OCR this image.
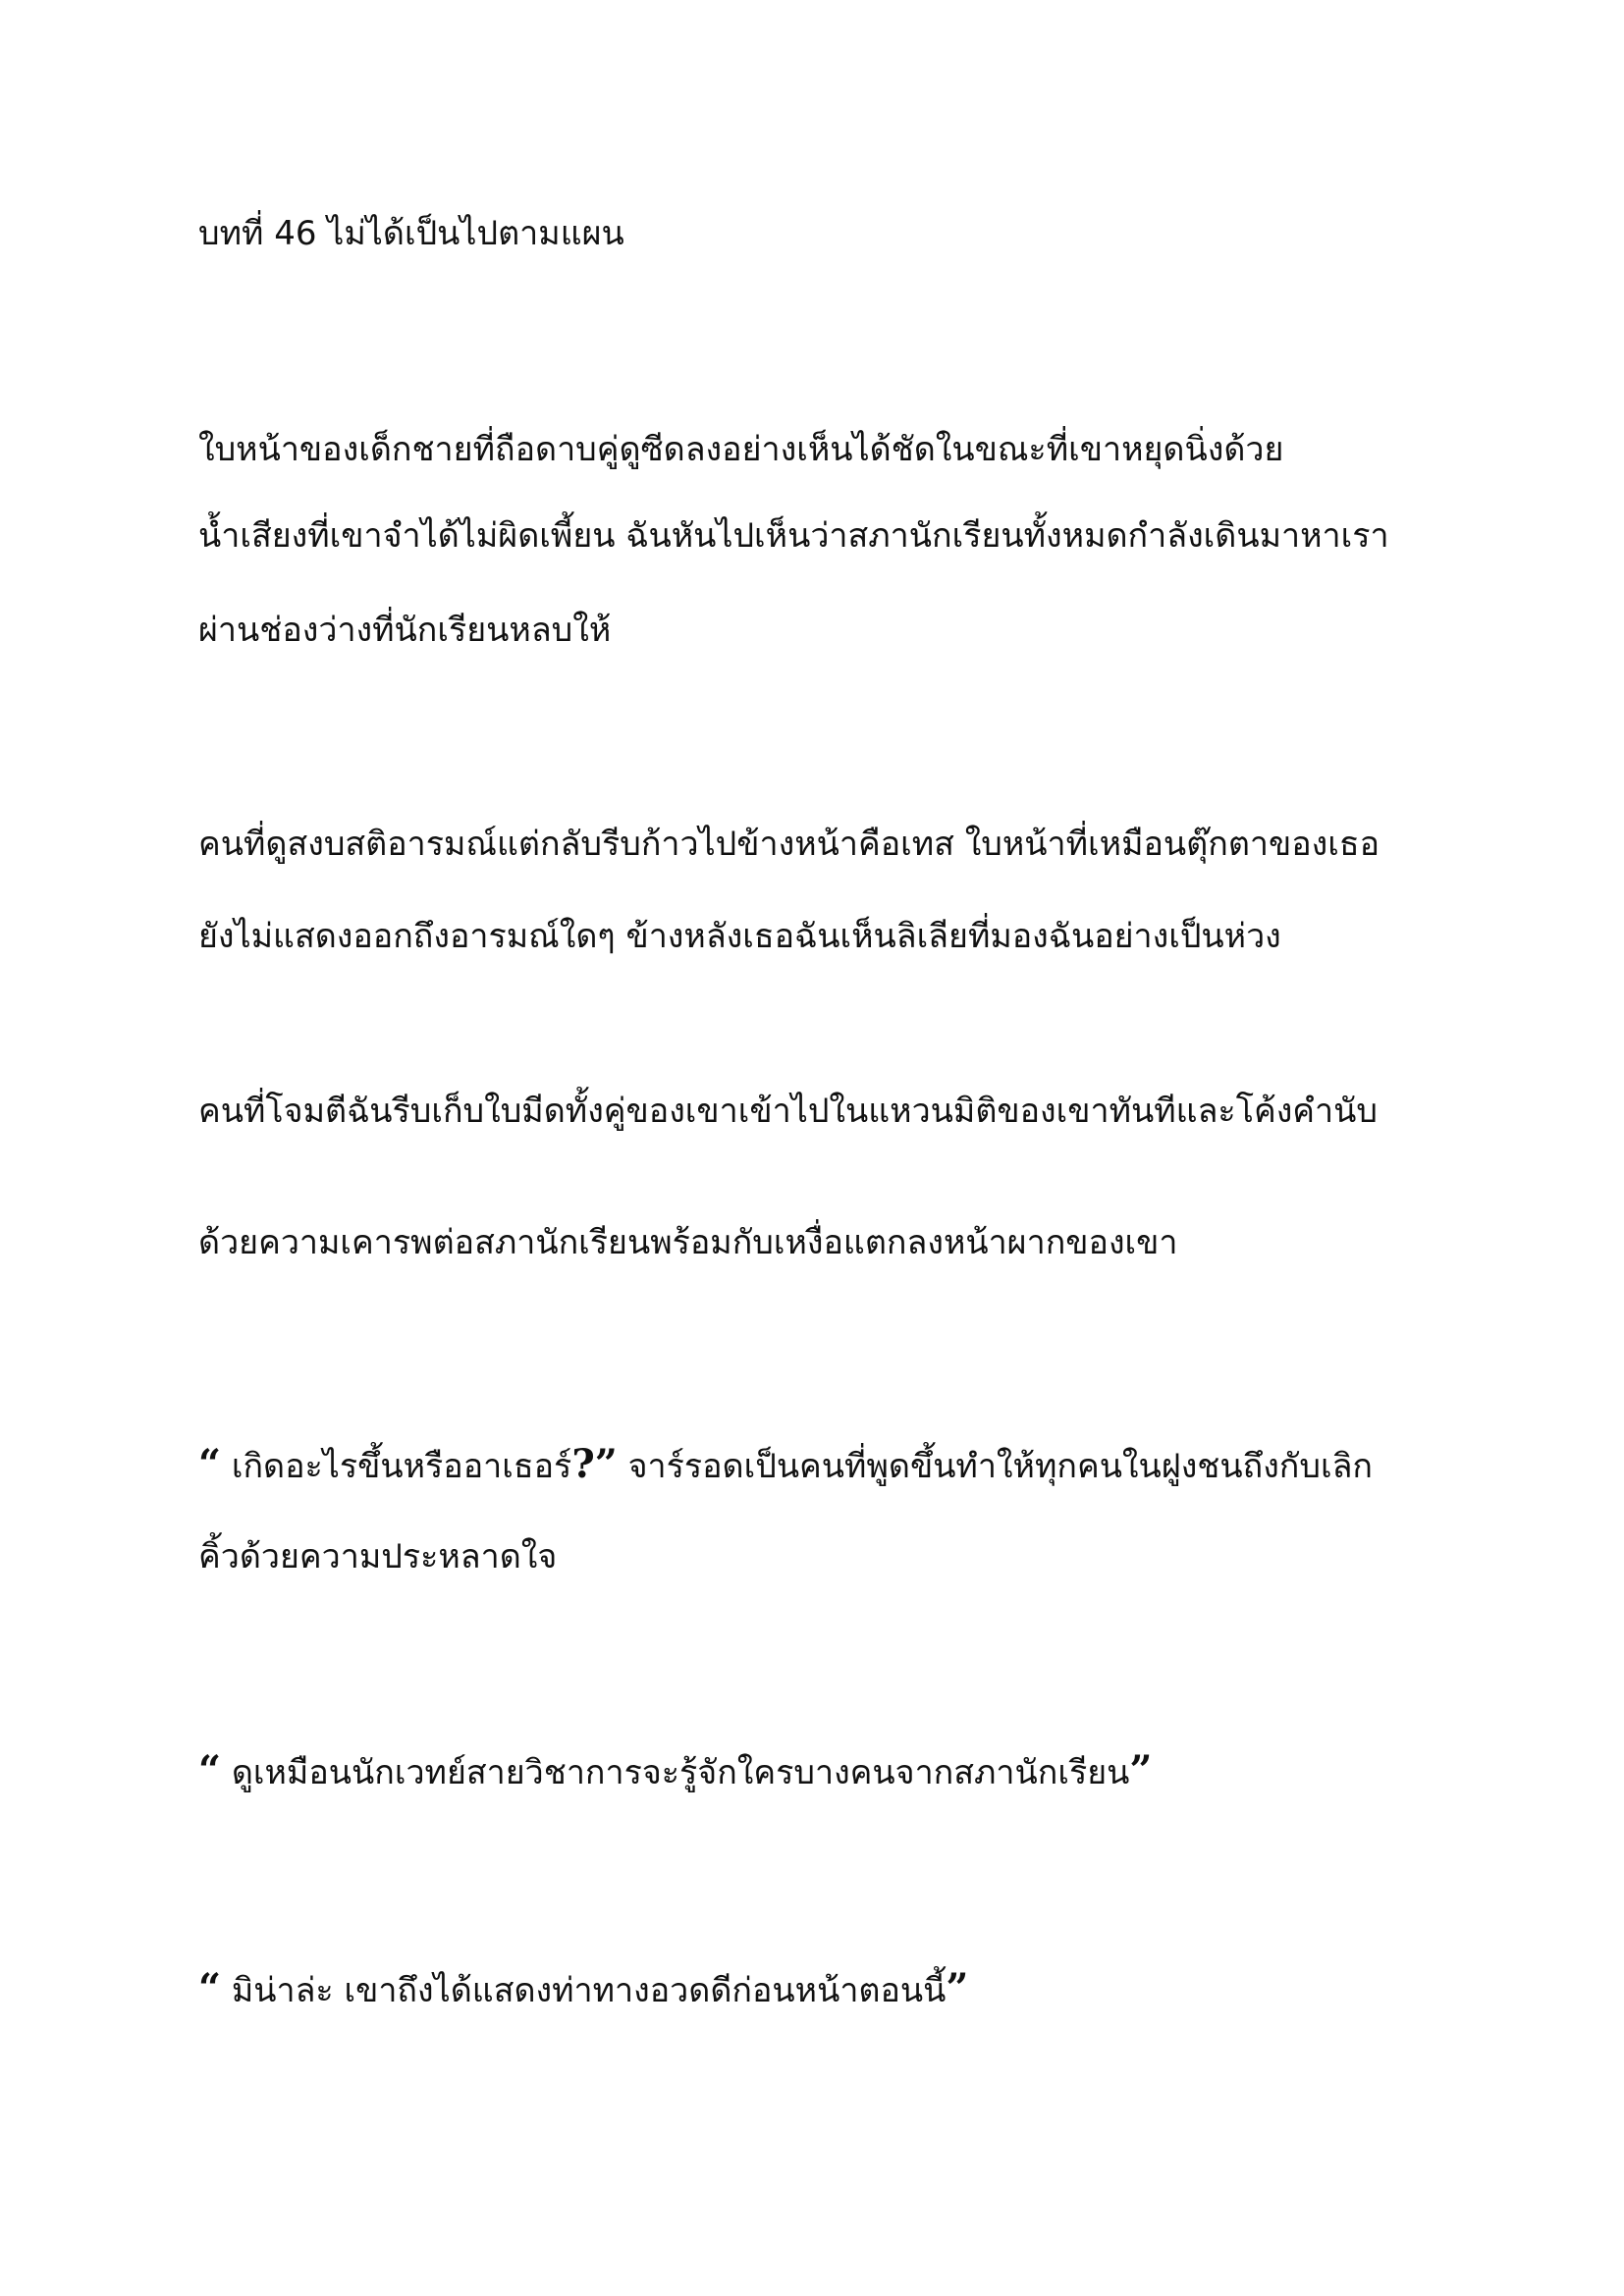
บทที่ 46 ไม่ได้เป็นไปตามแผน

ใบหน้าของเด็กชายที่ถือดาบคู่ดูซีดลงอย่างเห็นได้ชัดในขณะที่เขาหยุดนิ่งด้วย

น้ำเสียงที่เขาจำได้ไม่ผิดเพี้ยน ฉันหันไปเห็นว่าสภานักเรียนทั้งหมดกำลังเดินมาหาเรา

ผ่านช่องว่างที่นักเรียนหลบให้

คนที่ดูสงบสติอารมณ์แต่กลับรีบก้าวไปข้างหน้าคือเทส ใบหน้าที่เหมือนตุ๊กตาของเธอ

ยังไม่แสดงออกถึงอารมณ์ใดๆ ข้างหลังเธอฉันเห็นลิเลียที่มองฉันอย่างเป็นห่วง

คนที่โจมตีฉันรีบเก็บใบมีดทั้งคู่ของเขาเข้าไปในแหวนมิติของเขาทันทีและโค้งคำนับ

ด้วยความเคารพต่อสภานักเรียนพร้อมกับเหงื่อแตกลงหน้าผากของเขา

“ เกิดอะไรขึ้นหรืออาเธอร์?” จาร์รอดเป็นคนที่พูดขึ้นทำให้ทุกคนในฝูงชนถึงกับเลิก

คิ้วด้วยความประหลาดใจ

“ ดูเหมือนนักเวทย์สายวิชาการจะรู้จักใครบางคนจากสภานักเรียน”

“ มิน่าล่ะ เขาถึงได้แสดงท่าทางอวดดีก่อนหน้าตอนนี้”
